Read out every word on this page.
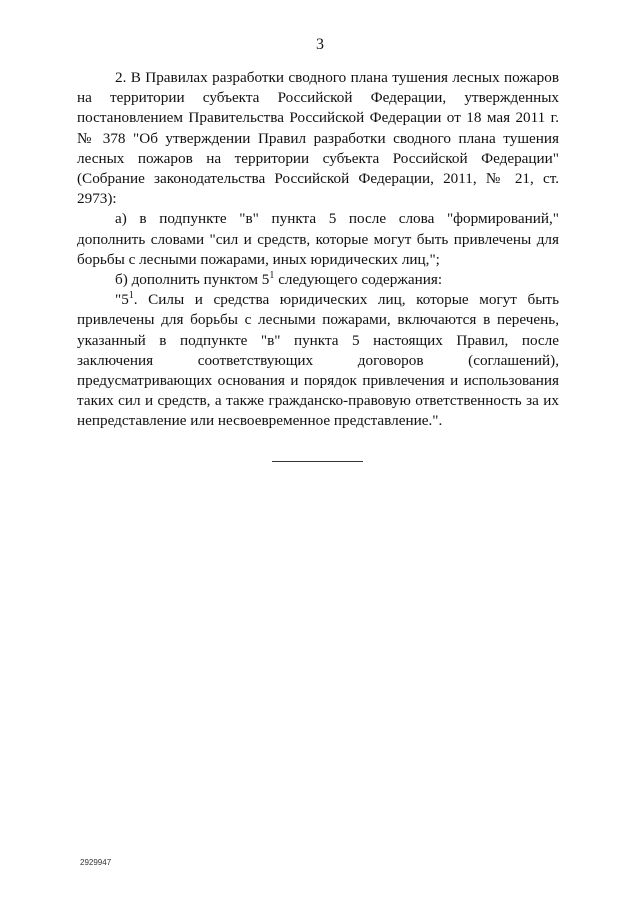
3

2. В Правилах разработки сводного плана тушения лесных пожаров на территории субъекта Российской Федерации, утвержденных постановлением Правительства Российской Федерации от 18 мая 2011 г. № 378 "Об утверждении Правил разработки сводного плана тушения лесных пожаров на территории субъекта Российской Федерации" (Собрание законодательства Российской Федерации, 2011, № 21, ст. 2973):

а) в подпункте "в" пункта 5 после слова "формирований," дополнить словами "сил и средств, которые могут быть привлечены для борьбы с лесными пожарами, иных юридических лиц,";

б) дополнить пунктом $5^1$ следующего содержания:

"$5^1$. Силы и средства юридических лиц, которые могут быть привлечены для борьбы с лесными пожарами, включаются в перечень, указанный в подпункте "в" пункта 5 настоящих Правил, после заключения соответствующих договоров (соглашений), предусматривающих основания и порядок привлечения и использования таких сил и средств, а также гражданско-правовую ответственность за их непредставление или несвоевременное представление.".

2929947
